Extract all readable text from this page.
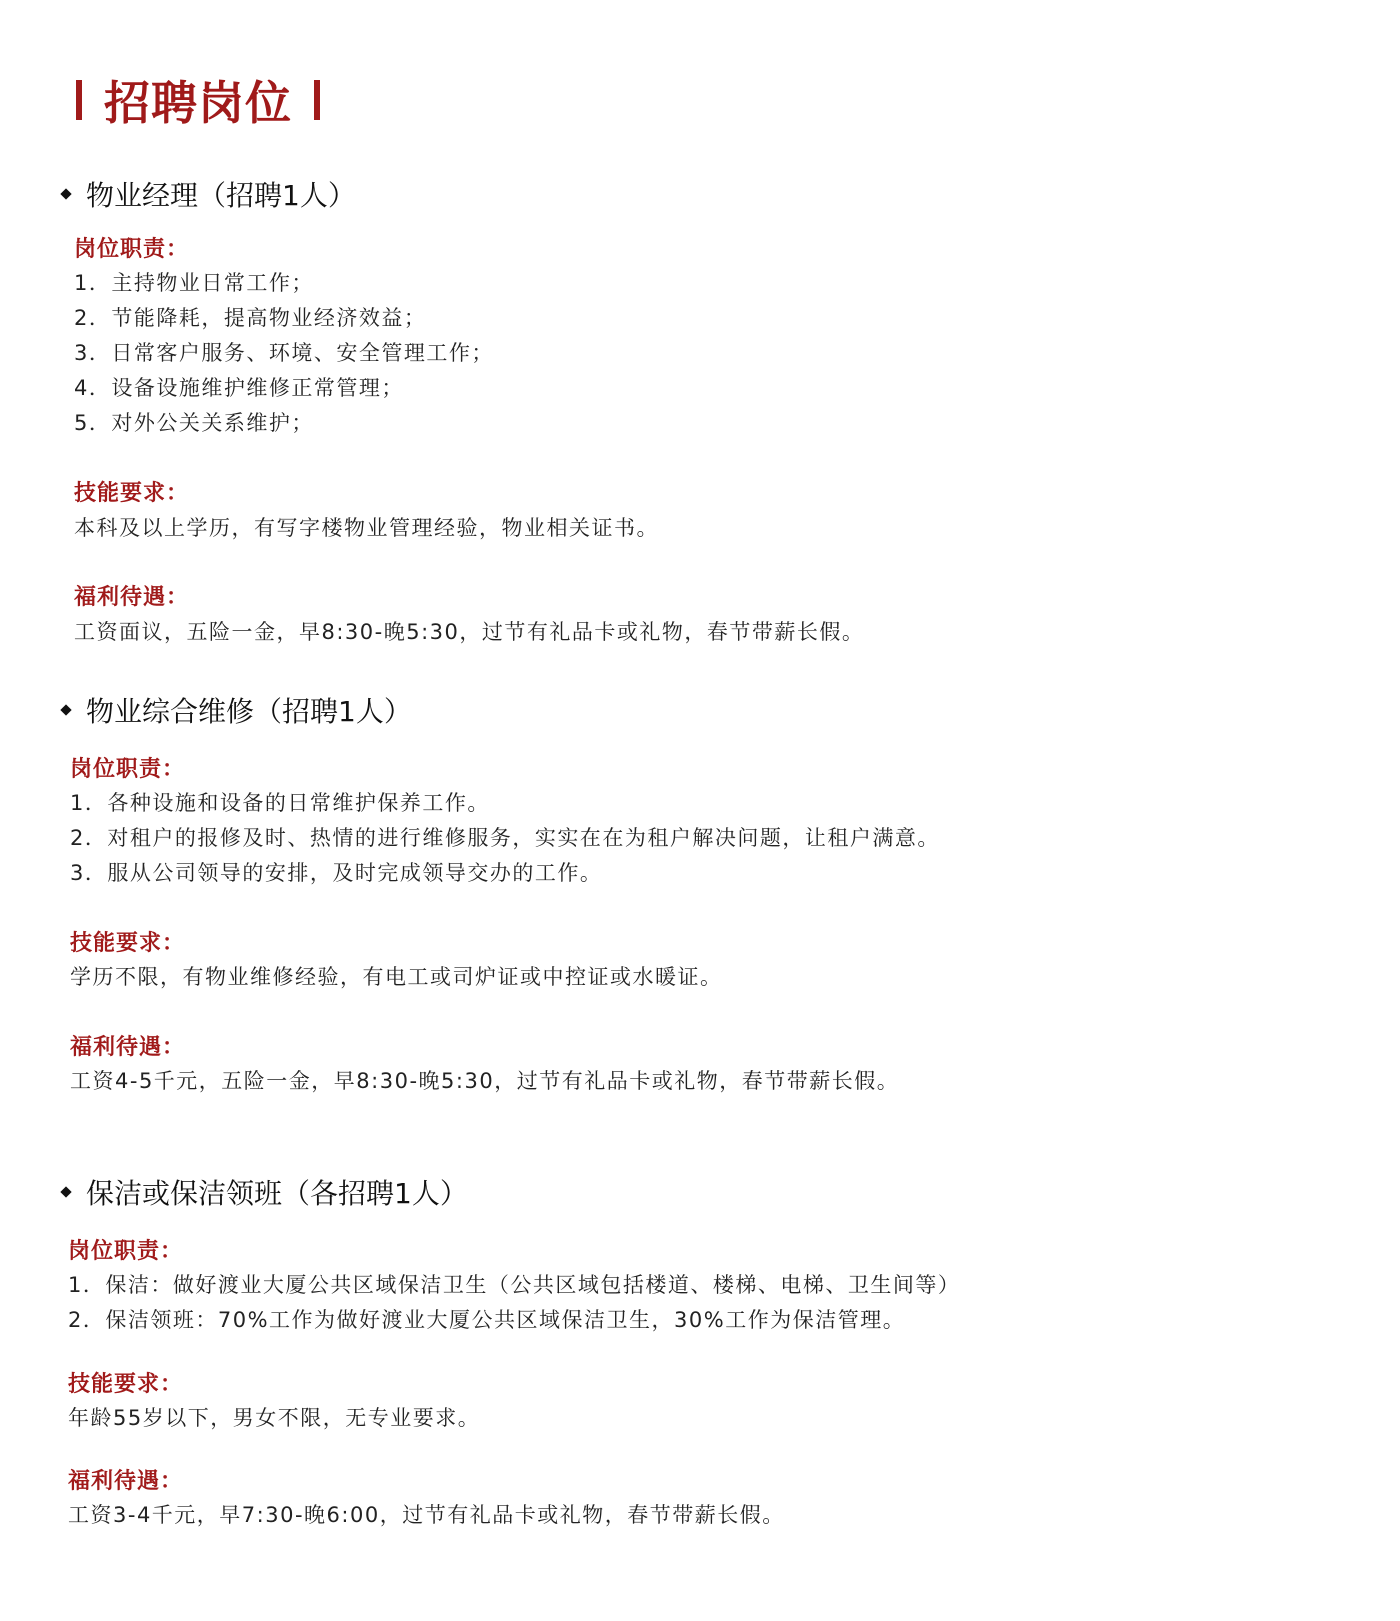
招聘岗位
物业经理（招聘1人）
岗位职责：
1．主持物业日常工作；
2．节能降耗，提高物业经济效益；
3．日常客户服务、环境、安全管理工作；
4．设备设施维护维修正常管理；
5．对外公关关系维护；
技能要求：
本科及以上学历，有写字楼物业管理经验，物业相关证书。
福利待遇：
工资面议，五险一金，早8:30-晚5:30，过节有礼品卡或礼物，春节带薪长假。
物业综合维修（招聘1人）
岗位职责：
1．各种设施和设备的日常维护保养工作。
2．对租户的报修及时、热情的进行维修服务，实实在在为租户解决问题，让租户满意。
3．服从公司领导的安排，及时完成领导交办的工作。
技能要求：
学历不限，有物业维修经验，有电工或司炉证或中控证或水暖证。
福利待遇：
工资4-5千元，五险一金，早8:30-晚5:30，过节有礼品卡或礼物，春节带薪长假。
保洁或保洁领班（各招聘1人）
岗位职责：
1．保洁：做好渡业大厦公共区域保洁卫生（公共区域包括楼道、楼梯、电梯、卫生间等）
2．保洁领班：70%工作为做好渡业大厦公共区域保洁卫生，30%工作为保洁管理。
技能要求：
年龄55岁以下，男女不限，无专业要求。
福利待遇：
工资3-4千元，早7:30-晚6:00，过节有礼品卡或礼物，春节带薪长假。
